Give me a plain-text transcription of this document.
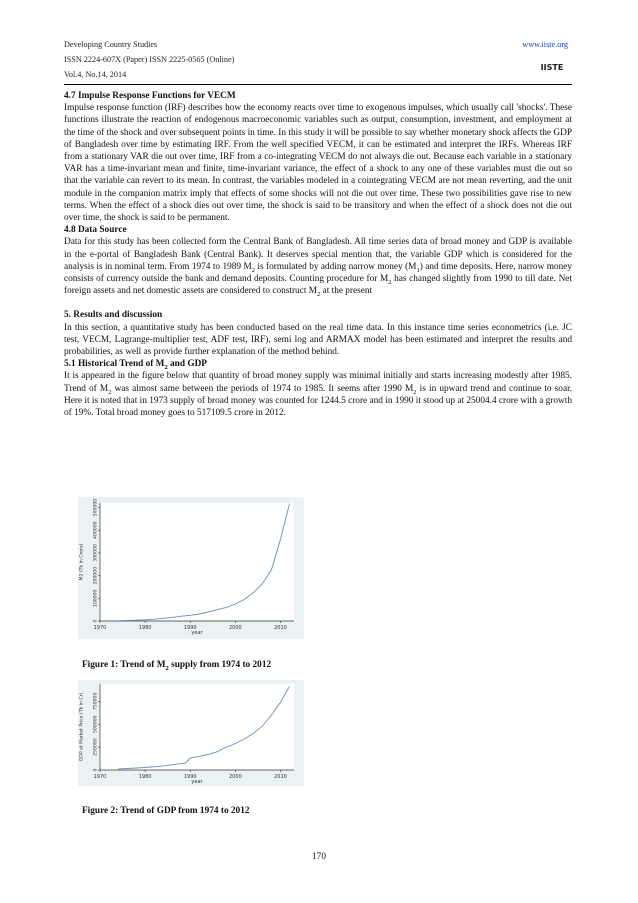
Developing Country Studies
ISSN 2224-607X (Paper) ISSN 2225-0565 (Online)
Vol.4, No.14, 2014
www.iiste.org
IISTE
4.7 Impulse Response Functions for VECM

Impulse response function (IRF) describes how the economy reacts over time to exogenous impulses, which usually call 'shocks'. These functions illustrate the reaction of endogenous macroeconomic variables such as output, consumption, investment, and employment at the time of the shock and over subsequent points in time. In this study it will be possible to say whether monetary shock affects the GDP of Bangladesh over time by estimating IRF. From the well specified VECM, it can be estimated and interpret the IRFs. Whereas IRF from a stationary VAR die out over time, IRF from a co-integrating VECM do not always die out. Because each variable in a stationary VAR has a time-invariant mean and finite, time-invariant variance, the effect of a shock to any one of these variables must die out so that the variable can revert to its mean. In contrast, the variables modeled in a cointegrating VECM are not mean reverting, and the unit module in the companion matrix imply that effects of some shocks will not die out over time. These two possibilities gave rise to new terms. When the effect of a shock dies out over time, the shock is said to be transitory and when the effect of a shock does not die out over time, the shock is said to be permanent.

4.8 Data Source

Data for this study has been collected form the Central Bank of Bangladesh. All time series data of broad money and GDP is available in the e-portal of Bangladesh Bank (Central Bank). It deserves special mention that, the variable GDP which is considered for the analysis is in nominal term. From 1974 to 1989 $M_2$ is formulated by adding narrow money $(M_1)$ and time deposits. Here, narrow money consists of currency outside the bank and demand deposits. Counting procedure for $M_2$ has changed slightly from 1990 to till date. Net foreign assets and net domestic assets are considered to construct $M_2$ at the present

5. Results and discussion

In this section, a quantitative study has been conducted based on the real time data. In this instance time series econometrics (i.e. JC test, VECM, Lagrange-multiplier test, ADF test, IRF), semi log and ARMAX model has been estimated and interpret the results and probabilities, as well as provide further explanation of the method behind.

5.1 Historical Trend of $M_2$ and GDP

It is appeared in the figure below that quantity of broad money supply was minimal initially and starts increasing modestly after 1985. Trend of $M_2$ was almost same between the periods of 1974 to 1985. It seems after 1990 $M_2$ is in upward trend and continue to soar. Here it is noted that in 1973 supply of broad money was counted for 1244.5 crore and in 1990 it stood up at 25004.4 crore with a growth of 19%. Total broad money goes to 517109.5 crore in 2012.

1970	1980	1990	2000	2010
0
100000
200000
300000
400000
500000
year
M2 (Tk in Crore)
Figure 1: Trend of $M_2$ supply from 1974 to 2012
1970	1980	1990	2000	2010
0
250000
500000
750000
year
GDP at Market Price (Tk in Cr)
Figure 2: Trend of GDP from 1974 to 2012
170
